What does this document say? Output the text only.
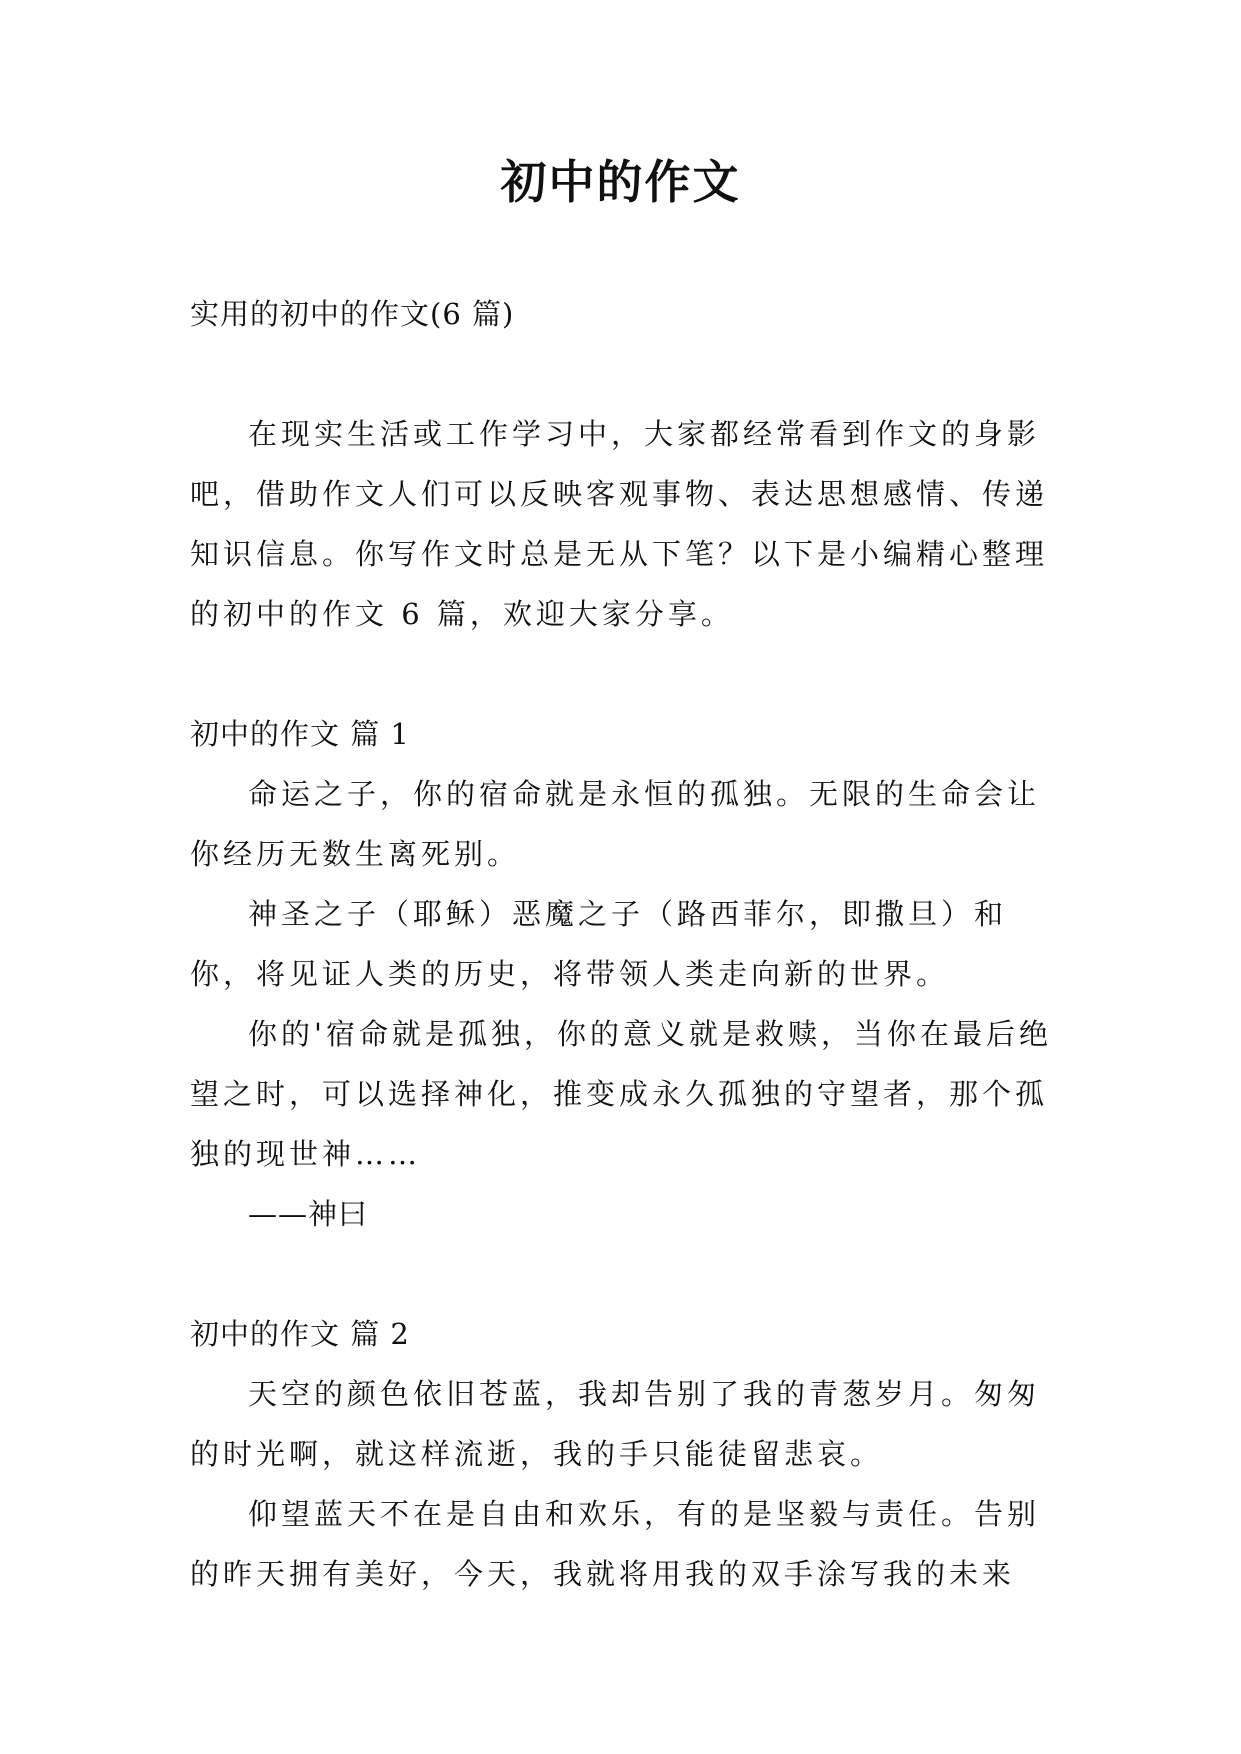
初中的作文
实用的初中的作文(6 篇)

在现实生活或工作学习中，大家都经常看到作文的身影吧，借助作文人们可以反映客观事物、表达思想感情、传递知识信息。你写作文时总是无从下笔？以下是小编精心整理的初中的作文 6 篇，欢迎大家分享。

初中的作文 篇 1

命运之子，你的宿命就是永恒的孤独。无限的生命会让你经历无数生离死别。

神圣之子（耶稣）恶魔之子（路西菲尔，即撒旦）和你，将见证人类的历史，将带领人类走向新的世界。

你的'宿命就是孤独，你的意义就是救赎，当你在最后绝望之时，可以选择神化，推变成永久孤独的守望者，那个孤独的现世神……

——神曰

初中的作文 篇 2

天空的颜色依旧苍蓝，我却告别了我的青葱岁月。匆匆的时光啊，就这样流逝，我的手只能徒留悲哀。

仰望蓝天不在是自由和欢乐，有的是坚毅与责任。告别的昨天拥有美好，今天，我就将用我的双手涂写我的未来
